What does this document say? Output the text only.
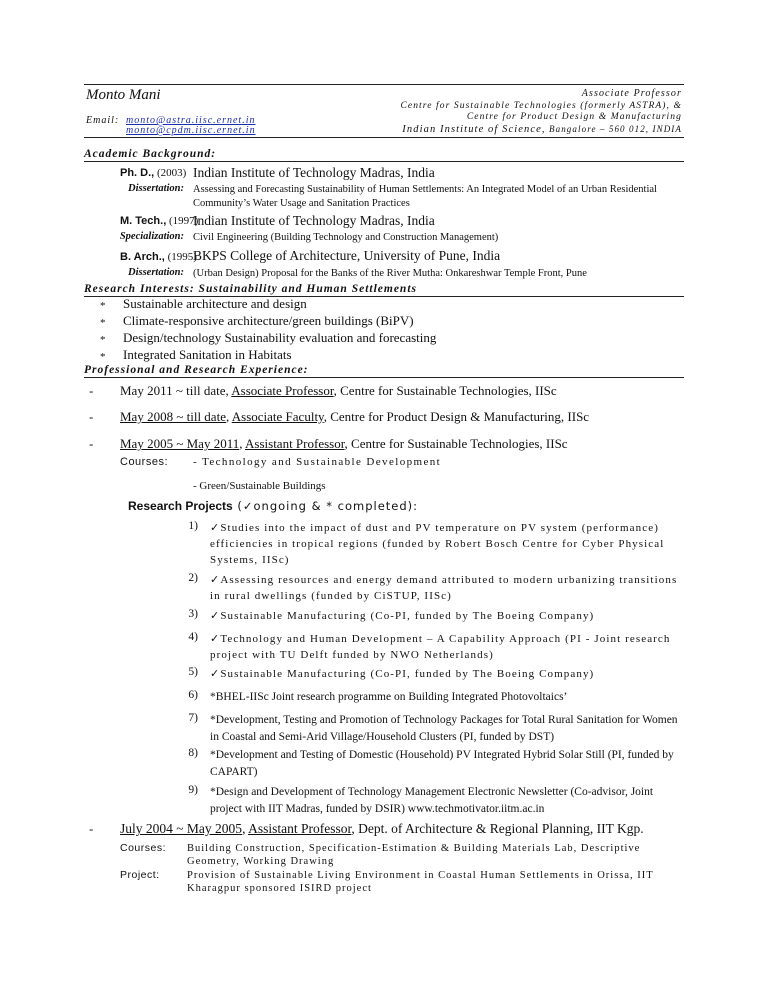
Monto Mani
Email: monto@astra.iisc.ernet.in
monto@cpdm.iisc.ernet.in
Associate Professor
Centre for Sustainable Technologies (formerly ASTRA), &
Centre for Product Design & Manufacturing
Indian Institute of Science, Bangalore – 560 012, INDIA
Academic Background:
Ph. D., (2003) Indian Institute of Technology Madras, India
Dissertation: Assessing and Forecasting Sustainability of Human Settlements: An Integrated Model of an Urban Residential Community’s Water Usage and Sanitation Practices
M. Tech., (1997)
Indian Institute of Technology Madras, India
Specialization: Civil Engineering (Building Technology and Construction Management)
B. Arch., (1995)
BKPS College of Architecture, University of Pune, India
Dissertation: (Urban Design) Proposal for the Banks of the River Mutha: Onkareshwar Temple Front, Pune
Research Interests: Sustainability and Human Settlements
* Sustainable architecture and design
* Climate-responsive architecture/green buildings (BiPV)
* Design/technology Sustainability evaluation and forecasting
* Integrated Sanitation in Habitats
Professional and Research Experience:
- May 2011 ~ till date, Associate Professor, Centre for Sustainable Technologies, IISc
- May 2008 ~ till date, Associate Faculty, Centre for Product Design & Manufacturing, IISc
- May 2005 ~ May 2011, Assistant Professor, Centre for Sustainable Technologies, IISc
Courses: - Technology and Sustainable Development
- Green/Sustainable Buildings
Research Projects (✓ongoing & * completed):
1) ✓Studies into the impact of dust and PV temperature on PV system (performance) efficiencies in tropical regions (funded by Robert Bosch Centre for Cyber Physical Systems, IISc)
2) ✓Assessing resources and energy demand attributed to modern urbanizing transitions in rural dwellings (funded by CiSTUP, IISc)
3) ✓Sustainable Manufacturing (Co-PI, funded by The Boeing Company)
4) ✓Technology and Human Development – A Capability Approach (PI - Joint research project with TU Delft funded by NWO Netherlands)
5) ✓Sustainable Manufacturing (Co-PI, funded by The Boeing Company)
6) *BHEL-IISc Joint research programme on Building Integrated Photovoltaics’
7) *Development, Testing and Promotion of Technology Packages for Total Rural Sanitation for Women in Coastal and Semi-Arid Village/Household Clusters (PI, funded by DST)
8) *Development and Testing of Domestic (Household) PV Integrated Hybrid Solar Still (PI, funded by CAPART)
9) *Design and Development of Technology Management Electronic Newsletter (Co-advisor, Joint project with IIT Madras, funded by DSIR) www.techmotivator.iitm.ac.in
- July 2004 ~ May 2005, Assistant Professor, Dept. of Architecture & Regional Planning, IIT Kgp.
Courses: Building Construction, Specification-Estimation & Building Materials Lab, Descriptive Geometry, Working Drawing
Project:	Provision of Sustainable Living Environment in Coastal Human Settlements in Orissa, IIT Kharagpur sponsored ISIRD project
